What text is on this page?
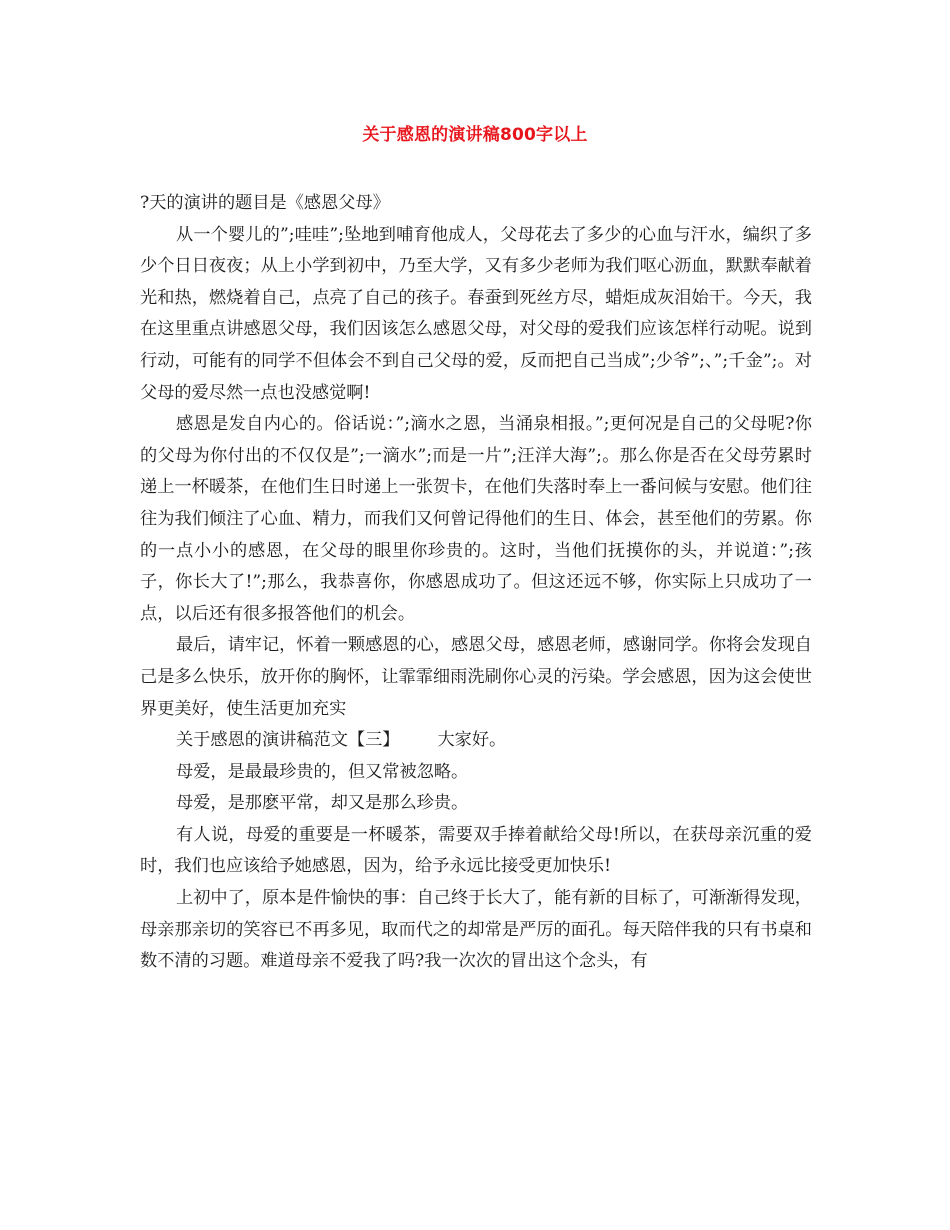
关于感恩的演讲稿800字以上

?天的演讲的题目是《感恩父母》

从一个婴儿的”;哇哇”;坠地到哺育他成人，父母花去了多少的心血与汗水，编织了多少个日日夜夜；从上小学到初中，乃至大学，又有多少老师为我们呕心沥血，默默奉献着光和热，燃烧着自己，点亮了自己的孩子。春蚕到死丝方尽，蜡炬成灰泪始干。今天，我在这里重点讲感恩父母，我们因该怎么感恩父母，对父母的爱我们应该怎样行动呢。说到行动，可能有的同学不但体会不到自己父母的爱，反而把自己当成”;少爷”;、”;千金”;。对父母的爱尽然一点也没感觉啊!

感恩是发自内心的。俗话说：”;滴水之恩，当涌泉相报。”;更何况是自己的父母呢?你的父母为你付出的不仅仅是”;一滴水”;而是一片”;汪洋大海”;。那么你是否在父母劳累时递上一杯暖茶，在他们生日时递上一张贺卡，在他们失落时奉上一番问候与安慰。他们往往为我们倾注了心血、精力，而我们又何曾记得他们的生日、体会，甚至他们的劳累。你的一点小小的感恩，在父母的眼里你珍贵的。这时，当他们抚摸你的头，并说道：”;孩子，你长大了!”;那么，我恭喜你，你感恩成功了。但这还远不够，你实际上只成功了一点，以后还有很多报答他们的机会。

最后，请牢记，怀着一颗感恩的心，感恩父母，感恩老师，感谢同学。你将会发现自己是多么快乐，放开你的胸怀，让霏霏细雨洗刷你心灵的污染。学会感恩，因为这会使世界更美好，使生活更加充实

关于感恩的演讲稿范文【三】 大家好。

母爱，是最最珍贵的，但又常被忽略。

母爱，是那麽平常，却又是那么珍贵。

有人说，母爱的重要是一杯暖茶，需要双手捧着献给父母!所以，在获母亲沉重的爱时，我们也应该给予她感恩，因为，给予永远比接受更加快乐!

上初中了，原本是件愉快的事：自己终于长大了，能有新的目标了，可渐渐得发现，母亲那亲切的笑容已不再多见，取而代之的却常是严厉的面孔。每天陪伴我的只有书桌和数不清的习题。难道母亲不爱我了吗?我一次次的冒出这个念头，有
